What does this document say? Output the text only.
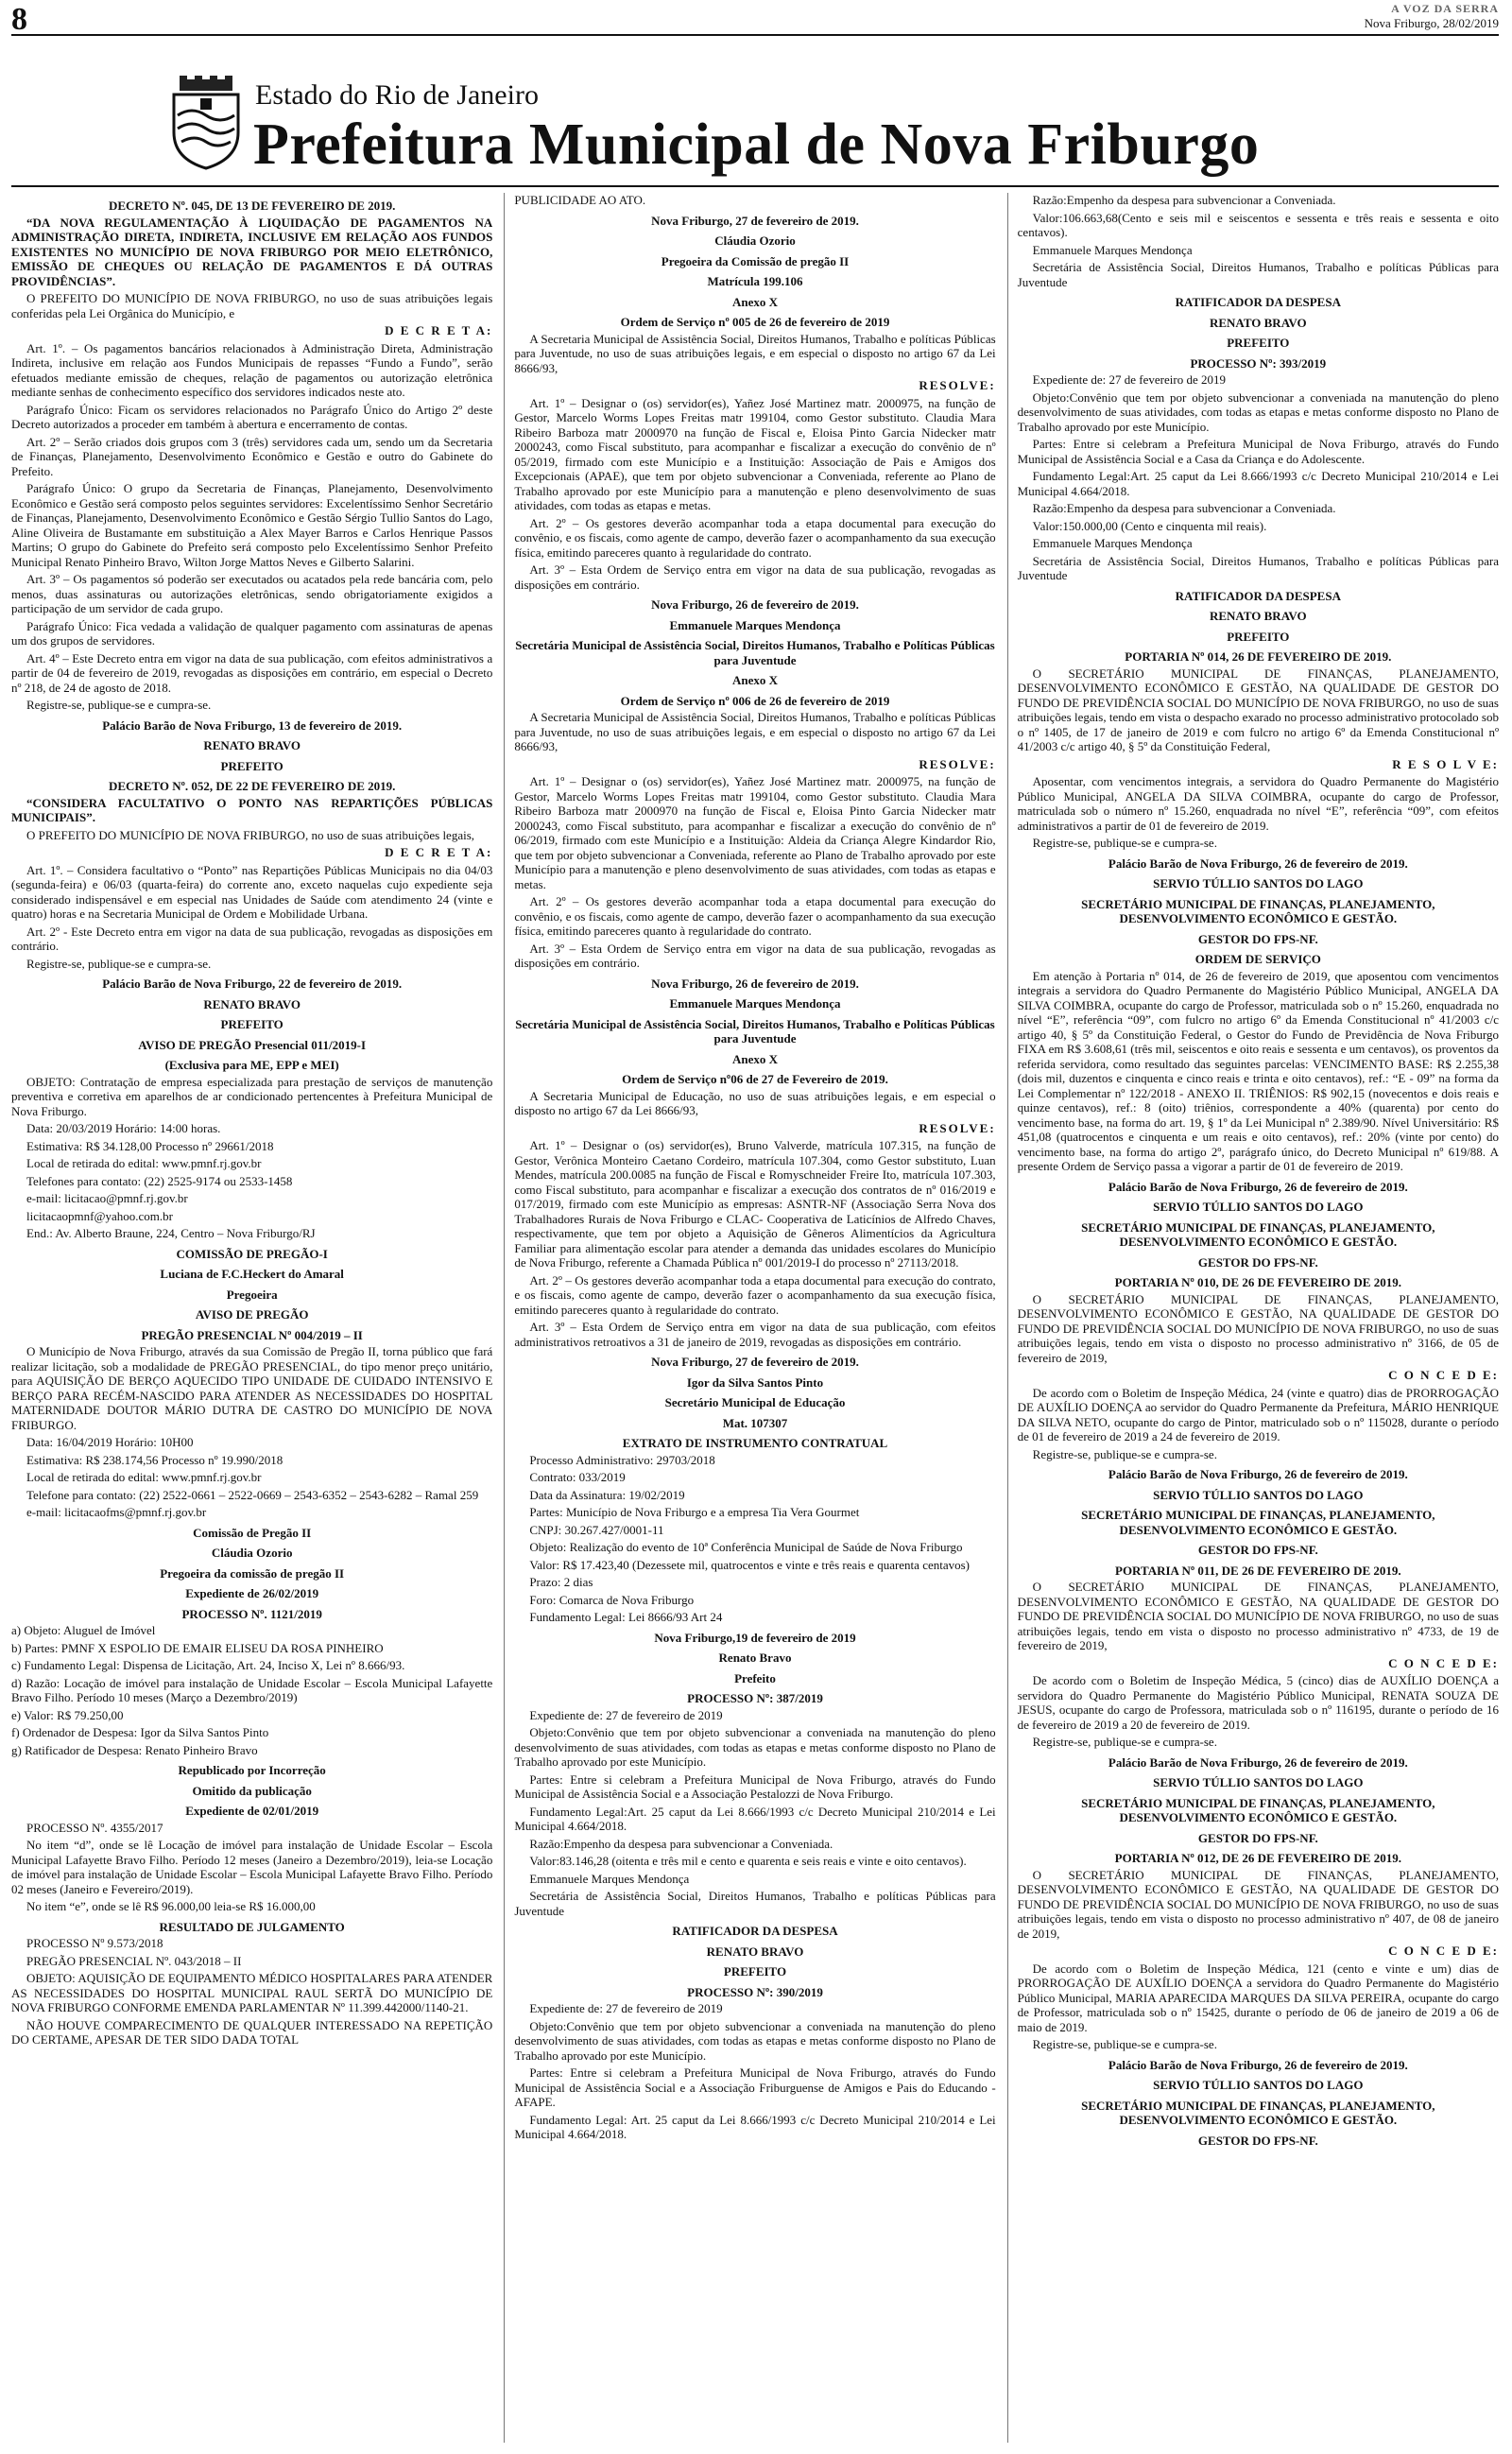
8	A VOZ DA SERRA
Nova Friburgo, 28/02/2019
Estado do Rio de Janeiro
Prefeitura Municipal de Nova Friburgo

DECRETO Nº. 045, DE 13 DE FEVEREIRO DE 2019.

“DA NOVA REGULAMENTAÇÃO À LIQUIDAÇÃO DE PAGAMENTOS NA ADMINISTRAÇÃO DIRETA, INDIRETA, INCLUSIVE EM RELAÇÃO AOS FUNDOS EXISTENTES NO MUNICÍPIO DE NOVA FRIBURGO POR MEIO ELETRÔNICO, EMISSÃO DE CHEQUES OU RELAÇÃO DE PAGAMENTOS E DÁ OUTRAS PROVIDÊNCIAS”.

O PREFEITO DO MUNICÍPIO DE NOVA FRIBURGO, no uso de suas atribuições legais conferidas pela Lei Orgânica do Município, e

D E C R E T A:

Art. 1º. – Os pagamentos bancários relacionados à Administração Direta, Administração Indireta, inclusive em relação aos Fundos Municipais de repasses “Fundo a Fundo”, serão efetuados mediante emissão de cheques, relação de pagamentos ou autorização eletrônica mediante senhas de conhecimento específico dos servidores indicados neste ato.

Parágrafo Único: Ficam os servidores relacionados no Parágrafo Único do Artigo 2º deste Decreto autorizados a proceder em também à abertura e encerramento de contas.

Art. 2º – Serão criados dois grupos com 3 (três) servidores cada um, sendo um da Secretaria de Finanças, Planejamento, Desenvolvimento Econômico e Gestão e outro do Gabinete do Prefeito.

Parágrafo Único: O grupo da Secretaria de Finanças, Planejamento, Desenvolvimento Econômico e Gestão será composto pelos seguintes servidores: Excelentíssimo Senhor Secretário de Finanças, Planejamento, Desenvolvimento Econômico e Gestão Sérgio Tullio Santos do Lago, Aline Oliveira de Bustamante em substituição a Alex Mayer Barros e Carlos Henrique Passos Martins; O grupo do Gabinete do Prefeito será composto pelo Excelentíssimo Senhor Prefeito Municipal Renato Pinheiro Bravo, Wilton Jorge Mattos Neves e Gilberto Salarini.

Art. 3º – Os pagamentos só poderão ser executados ou acatados pela rede bancária com, pelo menos, duas assinaturas ou autorizações eletrônicas, sendo obrigatoriamente exigidos a participação de um servidor de cada grupo.

Parágrafo Único: Fica vedada a validação de qualquer pagamento com assinaturas de apenas um dos grupos de servidores.

Art. 4º – Este Decreto entra em vigor na data de sua publicação, com efeitos administrativos a partir de 04 de fevereiro de 2019, revogadas as disposições em contrário, em especial o Decreto nº 218, de 24 de agosto de 2018.

Registre-se, publique-se e cumpra-se.

Palácio Barão de Nova Friburgo, 13 de fevereiro de 2019.

RENATO BRAVO

PREFEITO

DECRETO Nº. 052, DE 22 DE FEVEREIRO DE 2019.

“CONSIDERA FACULTATIVO O PONTO NAS REPARTIÇÕES PÚBLICAS MUNICIPAIS”.

O PREFEITO DO MUNICÍPIO DE NOVA FRIBURGO, no uso de suas atribuições legais,

D E C R E T A:

Art. 1º. – Considera facultativo o “Ponto” nas Repartições Públicas Municipais no dia 04/03 (segunda-feira) e 06/03 (quarta-feira) do corrente ano, exceto naquelas cujo expediente seja considerado indispensável e em especial nas Unidades de Saúde com atendimento 24 (vinte e quatro) horas e na Secretaria Municipal de Ordem e Mobilidade Urbana.

Art. 2º - Este Decreto entra em vigor na data de sua publicação, revogadas as disposições em contrário.

Registre-se, publique-se e cumpra-se.

Palácio Barão de Nova Friburgo, 22 de fevereiro de 2019.

RENATO BRAVO

PREFEITO

AVISO DE PREGÃO Presencial 011/2019-I

(Exclusiva para ME, EPP e MEI)

OBJETO: Contratação de empresa especializada para prestação de serviços de manutenção preventiva e corretiva em aparelhos de ar condicionado pertencentes à Prefeitura Municipal de Nova Friburgo.

Data: 20/03/2019 Horário: 14:00 horas.

Estimativa: R$ 34.128,00 Processo nº 29661/2018

Local de retirada do edital: www.pmnf.rj.gov.br

Telefones para contato: (22) 2525-9174 ou 2533-1458

e-mail: licitacao@pmnf.rj.gov.br

licitacaopmnf@yahoo.com.br

End.: Av. Alberto Braune, 224, Centro – Nova Friburgo/RJ

COMISSÃO DE PREGÃO-I

Luciana de F.C.Heckert do Amaral

Pregoeira

AVISO DE PREGÃO

PREGÃO PRESENCIAL Nº 004/2019 – II

O Município de Nova Friburgo, através da sua Comissão de Pregão II, torna público que fará realizar licitação, sob a modalidade de PREGÃO PRESENCIAL, do tipo menor preço unitário, para AQUISIÇÃO DE BERÇO AQUECIDO TIPO UNIDADE DE CUIDADO INTENSIVO E BERÇO PARA RECÉM-NASCIDO PARA ATENDER AS NECESSIDADES DO HOSPITAL MATERNIDADE DOUTOR MÁRIO DUTRA DE CASTRO DO MUNICÍPIO DE NOVA FRIBURGO.

Data: 16/04/2019 Horário: 10H00

Estimativa: R$ 238.174,56 Processo nº 19.990/2018

Local de retirada do edital: www.pmnf.rj.gov.br

Telefone para contato: (22) 2522-0661 – 2522-0669 – 2543-6352 – 2543-6282 – Ramal 259

e-mail: licitacaofms@pmnf.rj.gov.br

Comissão de Pregão II

Cláudia Ozorio

Pregoeira da comissão de pregão II

Expediente de 26/02/2019

PROCESSO Nº. 1121/2019

a) Objeto: Aluguel de Imóvel

b) Partes: PMNF X ESPOLIO DE EMAIR ELISEU DA ROSA PINHEIRO

c) Fundamento Legal: Dispensa de Licitação, Art. 24, Inciso X, Lei nº 8.666/93.

d) Razão: Locação de imóvel para instalação de Unidade Escolar – Escola Municipal Lafayette Bravo Filho. Período 10 meses (Março a Dezembro/2019)

e) Valor: R$ 79.250,00

f) Ordenador de Despesa: Igor da Silva Santos Pinto

g) Ratificador de Despesa: Renato Pinheiro Bravo

Republicado por Incorreção

Omitido da publicação

Expediente de 02/01/2019

PROCESSO Nº. 4355/2017

No item “d”, onde se lê Locação de imóvel para instalação de Unidade Escolar – Escola Municipal Lafayette Bravo Filho. Período 12 meses (Janeiro a Dezembro/2019), leia-se Locação de imóvel para instalação de Unidade Escolar – Escola Municipal Lafayette Bravo Filho. Período 02 meses (Janeiro e Fevereiro/2019).

No item “e”, onde se lê R$ 96.000,00 leia-se R$ 16.000,00

RESULTADO DE JULGAMENTO

PROCESSO Nº 9.573/2018

PREGÃO PRESENCIAL Nº. 043/2018 – II

OBJETO: AQUISIÇÃO DE EQUIPAMENTO MÉDICO HOSPITALARES PARA ATENDER AS NECESSIDADES DO HOSPITAL MUNICIPAL RAUL SERTÃ DO MUNICÍPIO DE NOVA FRIBURGO CONFORME EMENDA PARLAMENTAR Nº 11.399.442000/1140-21.

NÃO HOUVE COMPARECIMENTO DE QUALQUER INTERESSADO NA REPETIÇÃO DO CERTAME, APESAR DE TER SIDO DADA TOTAL

PUBLICIDADE AO ATO.

Nova Friburgo, 27 de fevereiro de 2019.

Cláudia Ozorio

Pregoeira da Comissão de pregão II

Matrícula 199.106

Anexo X

Ordem de Serviço nº 005 de 26 de fevereiro de 2019

A Secretaria Municipal de Assistência Social, Direitos Humanos, Trabalho e políticas Públicas para Juventude, no uso de suas atribuições legais, e em especial o disposto no artigo 67 da Lei 8666/93,

RESOLVE:

Art. 1º – Designar o (os) servidor(es), Yañez José Martinez matr. 2000975, na função de Gestor, Marcelo Worms Lopes Freitas matr 199104, como Gestor substituto. Claudia Mara Ribeiro Barboza matr 2000970 na função de Fiscal e, Eloisa Pinto Garcia Nidecker matr 2000243, como Fiscal substituto, para acompanhar e fiscalizar a execução do convênio de nº 05/2019, firmado com este Município e a Instituição: Associação de Pais e Amigos dos Excepcionais (APAE), que tem por objeto subvencionar a Conveniada, referente ao Plano de Trabalho aprovado por este Município para a manutenção e pleno desenvolvimento de suas atividades, com todas as etapas e metas.

Art. 2º – Os gestores deverão acompanhar toda a etapa documental para execução do convênio, e os fiscais, como agente de campo, deverão fazer o acompanhamento da sua execução física, emitindo pareceres quanto à regularidade do contrato.

Art. 3º – Esta Ordem de Serviço entra em vigor na data de sua publicação, revogadas as disposições em contrário.

Nova Friburgo, 26 de fevereiro de 2019.

Emmanuele Marques Mendonça

Secretária Municipal de Assistência Social, Direitos Humanos, Trabalho e Políticas Públicas para Juventude

Anexo X

Ordem de Serviço nº 006 de 26 de fevereiro de 2019

A Secretaria Municipal de Assistência Social, Direitos Humanos, Trabalho e políticas Públicas para Juventude, no uso de suas atribuições legais, e em especial o disposto no artigo 67 da Lei 8666/93,

RESOLVE:

Art. 1º – Designar o (os) servidor(es), Yañez José Martinez matr. 2000975, na função de Gestor, Marcelo Worms Lopes Freitas matr 199104, como Gestor substituto. Claudia Mara Ribeiro Barboza matr 2000970 na função de Fiscal e, Eloisa Pinto Garcia Nidecker matr 2000243, como Fiscal substituto, para acompanhar e fiscalizar a execução do convênio de nº 06/2019, firmado com este Município e a Instituição: Aldeia da Criança Alegre Kindardor Rio, que tem por objeto subvencionar a Conveniada, referente ao Plano de Trabalho aprovado por este Município para a manutenção e pleno desenvolvimento de suas atividades, com todas as etapas e metas.

Art. 2º – Os gestores deverão acompanhar toda a etapa documental para execução do convênio, e os fiscais, como agente de campo, deverão fazer o acompanhamento da sua execução física, emitindo pareceres quanto à regularidade do contrato.

Art. 3º – Esta Ordem de Serviço entra em vigor na data de sua publicação, revogadas as disposições em contrário.

Nova Friburgo, 26 de fevereiro de 2019.

Emmanuele Marques Mendonça

Secretária Municipal de Assistência Social, Direitos Humanos, Trabalho e Políticas Públicas para Juventude

Anexo X

Ordem de Serviço nº06 de 27 de Fevereiro de 2019.

A Secretaria Municipal de Educação, no uso de suas atribuições legais, e em especial o disposto no artigo 67 da Lei 8666/93,

RESOLVE:

Art. 1º – Designar o (os) servidor(es), Bruno Valverde, matrícula 107.315, na função de Gestor, Verônica Monteiro Caetano Cordeiro, matrícula 107.304, como Gestor substituto, Luan Mendes, matrícula 200.0085 na função de Fiscal e Romyschneider Freire Ito, matrícula 107.303, como Fiscal substituto, para acompanhar e fiscalizar a execução dos contratos de nº 016/2019 e 017/2019, firmado com este Município as empresas: ASNTR-NF (Associação Serra Nova dos Trabalhadores Rurais de Nova Friburgo e CLAC- Cooperativa de Laticínios de Alfredo Chaves, respectivamente, que tem por objeto a Aquisição de Gêneros Alimentícios da Agricultura Familiar para alimentação escolar para atender a demanda das unidades escolares do Município de Nova Friburgo, referente a Chamada Pública nº 001/2019-I do processo nº 27113/2018.

Art. 2º – Os gestores deverão acompanhar toda a etapa documental para execução do contrato, e os fiscais, como agente de campo, deverão fazer o acompanhamento da sua execução física, emitindo pareceres quanto à regularidade do contrato.

Art. 3º – Esta Ordem de Serviço entra em vigor na data de sua publicação, com efeitos administrativos retroativos a 31 de janeiro de 2019, revogadas as disposições em contrário.

Nova Friburgo, 27 de fevereiro de 2019.

Igor da Silva Santos Pinto

Secretário Municipal de Educação

Mat. 107307

EXTRATO DE INSTRUMENTO CONTRATUAL

Processo Administrativo: 29703/2018

Contrato: 033/2019

Data da Assinatura: 19/02/2019

Partes: Município de Nova Friburgo e a empresa Tia Vera Gourmet

CNPJ: 30.267.427/0001-11

Objeto: Realização do evento de 10ª Conferência Municipal de Saúde de Nova Friburgo

Valor: R$ 17.423,40 (Dezessete mil, quatrocentos e vinte e três reais e quarenta centavos)

Prazo: 2 dias

Foro: Comarca de Nova Friburgo

Fundamento Legal: Lei 8666/93 Art 24

Nova Friburgo,19 de fevereiro de 2019

Renato Bravo

Prefeito

PROCESSO Nº: 387/2019

Expediente de: 27 de fevereiro de 2019

Objeto:Convênio que tem por objeto subvencionar a conveniada na manutenção do pleno desenvolvimento de suas atividades, com todas as etapas e metas conforme disposto no Plano de Trabalho aprovado por este Município.

Partes: Entre si celebram a Prefeitura Municipal de Nova Friburgo, através do Fundo Municipal de Assistência Social e a Associação Pestalozzi de Nova Friburgo.

Fundamento Legal:Art. 25 caput da Lei 8.666/1993 c/c Decreto Municipal 210/2014 e Lei Municipal 4.664/2018.

Razão:Empenho da despesa para subvencionar a Conveniada.

Valor:83.146,28 (oitenta e três mil e cento e quarenta e seis reais e vinte e oito centavos).

Emmanuele Marques Mendonça

Secretária de Assistência Social, Direitos Humanos, Trabalho e políticas Públicas para Juventude

RATIFICADOR DA DESPESA

RENATO BRAVO

PREFEITO

PROCESSO Nº: 390/2019

Expediente de: 27 de fevereiro de 2019

Objeto:Convênio que tem por objeto subvencionar a conveniada na manutenção do pleno desenvolvimento de suas atividades, com todas as etapas e metas conforme disposto no Plano de Trabalho aprovado por este Município.

Partes: Entre si celebram a Prefeitura Municipal de Nova Friburgo, através do Fundo Municipal de Assistência Social e a Associação Friburguense de Amigos e Pais do Educando - AFAPE.

Fundamento Legal: Art. 25 caput da Lei 8.666/1993 c/c Decreto Municipal 210/2014 e Lei Municipal 4.664/2018.

Razão:Empenho da despesa para subvencionar a Conveniada.

Valor:106.663,68(Cento e seis mil e seiscentos e sessenta e três reais e sessenta e oito centavos).

Emmanuele Marques Mendonça

Secretária de Assistência Social, Direitos Humanos, Trabalho e políticas Públicas para Juventude

RATIFICADOR DA DESPESA

RENATO BRAVO

PREFEITO

PROCESSO Nº: 393/2019

Expediente de: 27 de fevereiro de 2019

Objeto:Convênio que tem por objeto subvencionar a conveniada na manutenção do pleno desenvolvimento de suas atividades, com todas as etapas e metas conforme disposto no Plano de Trabalho aprovado por este Município.

Partes: Entre si celebram a Prefeitura Municipal de Nova Friburgo, através do Fundo Municipal de Assistência Social e a Casa da Criança e do Adolescente.

Fundamento Legal:Art. 25 caput da Lei 8.666/1993 c/c Decreto Municipal 210/2014 e Lei Municipal 4.664/2018.

Razão:Empenho da despesa para subvencionar a Conveniada.

Valor:150.000,00 (Cento e cinquenta mil reais).

Emmanuele Marques Mendonça

Secretária de Assistência Social, Direitos Humanos, Trabalho e políticas Públicas para Juventude

RATIFICADOR DA DESPESA

RENATO BRAVO

PREFEITO

PORTARIA Nº 014, 26 DE FEVEREIRO DE 2019.

O SECRETÁRIO MUNICIPAL DE FINANÇAS, PLANEJAMENTO, DESENVOLVIMENTO ECONÔMICO E GESTÃO, NA QUALIDADE DE GESTOR DO FUNDO DE PREVIDÊNCIA SOCIAL DO MUNICÍPIO DE NOVA FRIBURGO, no uso de suas atribuições legais, tendo em vista o despacho exarado no processo administrativo protocolado sob o nº 1405, de 17 de janeiro de 2019 e com fulcro no artigo 6º da Emenda Constitucional nº 41/2003 c/c artigo 40, § 5º da Constituição Federal,

R E S O L V E:

Aposentar, com vencimentos integrais, a servidora do Quadro Permanente do Magistério Público Municipal, ANGELA DA SILVA COIMBRA, ocupante do cargo de Professor, matriculada sob o número nº 15.260, enquadrada no nível “E”, referência “09”, com efeitos administrativos a partir de 01 de fevereiro de 2019.

Registre-se, publique-se e cumpra-se.

Palácio Barão de Nova Friburgo, 26 de fevereiro de 2019.

SERVIO TÚLLIO SANTOS DO LAGO

SECRETÁRIO MUNICIPAL DE FINANÇAS, PLANEJAMENTO, DESENVOLVIMENTO ECONÔMICO E GESTÃO.

GESTOR DO FPS-NF.

ORDEM DE SERVIÇO

Em atenção à Portaria nº 014, de 26 de fevereiro de 2019, que aposentou com vencimentos integrais a servidora do Quadro Permanente do Magistério Público Municipal, ANGELA DA SILVA COIMBRA, ocupante do cargo de Professor, matriculada sob o nº 15.260, enquadrada no nível “E”, referência “09”, com fulcro no artigo 6º da Emenda Constitucional nº 41/2003 c/c artigo 40, § 5º da Constituição Federal, o Gestor do Fundo de Previdência de Nova Friburgo FIXA em R$ 3.608,61 (três mil, seiscentos e oito reais e sessenta e um centavos), os proventos da referida servidora, como resultado das seguintes parcelas: VENCIMENTO BASE: R$ 2.255,38 (dois mil, duzentos e cinquenta e cinco reais e trinta e oito centavos), ref.: “E - 09” na forma da Lei Complementar nº 122/2018 - ANEXO II. TRIÊNIOS: R$ 902,15 (novecentos e dois reais e quinze centavos), ref.: 8 (oito) triênios, correspondente a 40% (quarenta) por cento do vencimento base, na forma do art. 19, § 1º da Lei Municipal nº 2.389/90. Nível Universitário: R$ 451,08 (quatrocentos e cinquenta e um reais e oito centavos), ref.: 20% (vinte por cento) do vencimento base, na forma do artigo 2º, parágrafo único, do Decreto Municipal nº 619/88. A presente Ordem de Serviço passa a vigorar a partir de 01 de fevereiro de 2019.

Palácio Barão de Nova Friburgo, 26 de fevereiro de 2019.

SERVIO TÚLLIO SANTOS DO LAGO

SECRETÁRIO MUNICIPAL DE FINANÇAS, PLANEJAMENTO, DESENVOLVIMENTO ECONÔMICO E GESTÃO.

GESTOR DO FPS-NF.

PORTARIA Nº 010, DE 26 DE FEVEREIRO DE 2019.

O SECRETÁRIO MUNICIPAL DE FINANÇAS, PLANEJAMENTO, DESENVOLVIMENTO ECONÔMICO E GESTÃO, NA QUALIDADE DE GESTOR DO FUNDO DE PREVIDÊNCIA SOCIAL DO MUNICÍPIO DE NOVA FRIBURGO, no uso de suas atribuições legais, tendo em vista o disposto no processo administrativo nº 3166, de 05 de fevereiro de 2019,

C O N C E D E:

De acordo com o Boletim de Inspeção Médica, 24 (vinte e quatro) dias de PRORROGAÇÃO DE AUXÍLIO DOENÇA ao servidor do Quadro Permanente da Prefeitura, MÁRIO HENRIQUE DA SILVA NETO, ocupante do cargo de Pintor, matriculado sob o nº 115028, durante o período de 01 de fevereiro de 2019 a 24 de fevereiro de 2019.

Registre-se, publique-se e cumpra-se.

Palácio Barão de Nova Friburgo, 26 de fevereiro de 2019.

SERVIO TÚLLIO SANTOS DO LAGO

SECRETÁRIO MUNICIPAL DE FINANÇAS, PLANEJAMENTO, DESENVOLVIMENTO ECONÔMICO E GESTÃO.

GESTOR DO FPS-NF.

PORTARIA Nº 011, DE 26 DE FEVEREIRO DE 2019.

O SECRETÁRIO MUNICIPAL DE FINANÇAS, PLANEJAMENTO, DESENVOLVIMENTO ECONÔMICO E GESTÃO, NA QUALIDADE DE GESTOR DO FUNDO DE PREVIDÊNCIA SOCIAL DO MUNICÍPIO DE NOVA FRIBURGO, no uso de suas atribuições legais, tendo em vista o disposto no processo administrativo nº 4733, de 19 de fevereiro de 2019,

C O N C E D E:

De acordo com o Boletim de Inspeção Médica, 5 (cinco) dias de AUXÍLIO DOENÇA a servidora do Quadro Permanente do Magistério Público Municipal, RENATA SOUZA DE JESUS, ocupante do cargo de Professora, matriculada sob o nº 116195, durante o período de 16 de fevereiro de 2019 a 20 de fevereiro de 2019.

Registre-se, publique-se e cumpra-se.

Palácio Barão de Nova Friburgo, 26 de fevereiro de 2019.

SERVIO TÚLLIO SANTOS DO LAGO

SECRETÁRIO MUNICIPAL DE FINANÇAS, PLANEJAMENTO, DESENVOLVIMENTO ECONÔMICO E GESTÃO.

GESTOR DO FPS-NF.

PORTARIA Nº 012, DE 26 DE FEVEREIRO DE 2019.

O SECRETÁRIO MUNICIPAL DE FINANÇAS, PLANEJAMENTO, DESENVOLVIMENTO ECONÔMICO E GESTÃO, NA QUALIDADE DE GESTOR DO FUNDO DE PREVIDÊNCIA SOCIAL DO MUNICÍPIO DE NOVA FRIBURGO, no uso de suas atribuições legais, tendo em vista o disposto no processo administrativo nº 407, de 08 de janeiro de 2019,

C O N C E D E:

De acordo com o Boletim de Inspeção Médica, 121 (cento e vinte e um) dias de PRORROGAÇÃO DE AUXÍLIO DOENÇA a servidora do Quadro Permanente do Magistério Público Municipal, MARIA APARECIDA MARQUES DA SILVA PEREIRA, ocupante do cargo de Professor, matriculada sob o nº 15425, durante o período de 06 de janeiro de 2019 a 06 de maio de 2019.

Registre-se, publique-se e cumpra-se.

Palácio Barão de Nova Friburgo, 26 de fevereiro de 2019.

SERVIO TÚLLIO SANTOS DO LAGO

SECRETÁRIO MUNICIPAL DE FINANÇAS, PLANEJAMENTO, DESENVOLVIMENTO ECONÔMICO E GESTÃO.

GESTOR DO FPS-NF.
